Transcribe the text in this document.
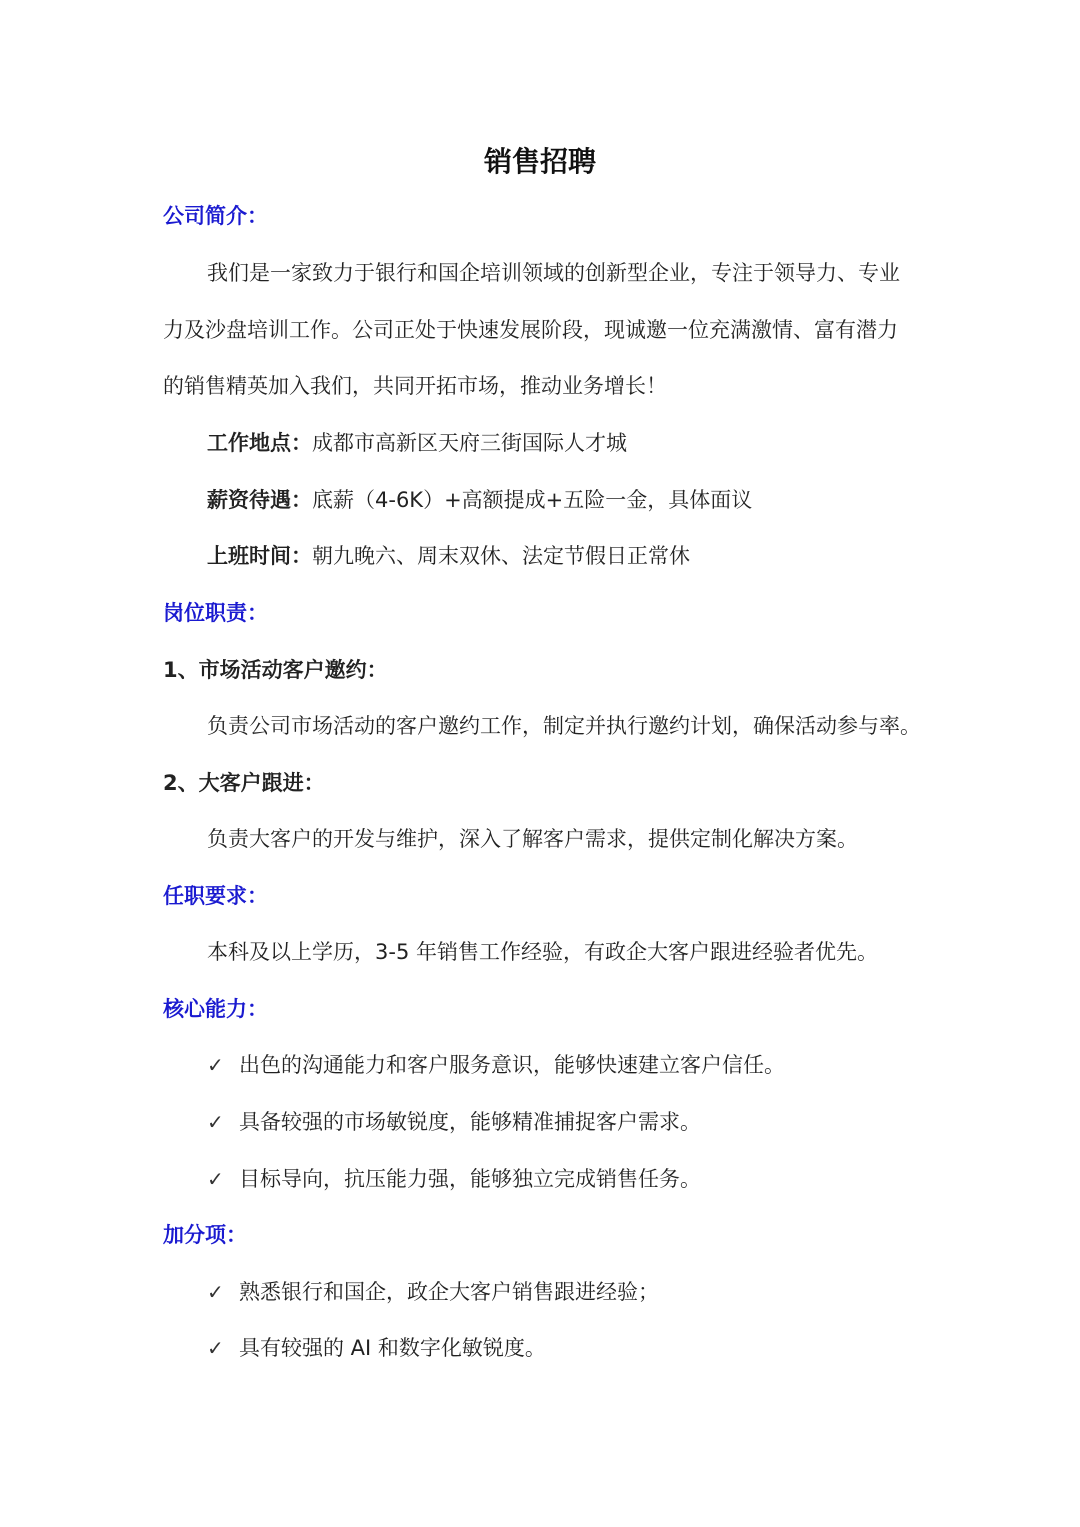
销售招聘
公司简介：
我们是一家致力于银行和国企培训领域的创新型企业，专注于领导力、专业
力及沙盘培训工作。公司正处于快速发展阶段，现诚邀一位充满激情、富有潜力
的销售精英加入我们，共同开拓市场，推动业务增长！
工作地点：成都市高新区天府三街国际人才城
薪资待遇：底薪（4-6K）+高额提成+五险一金，具体面议
上班时间：朝九晚六、周末双休、法定节假日正常休
岗位职责：
1、市场活动客户邀约：
负责公司市场活动的客户邀约工作，制定并执行邀约计划，确保活动参与率。
2、大客户跟进：
负责大客户的开发与维护，深入了解客户需求，提供定制化解决方案。
任职要求：
本科及以上学历，3-5 年销售工作经验，有政企大客户跟进经验者优先。
核心能力：
✓ 出色的沟通能力和客户服务意识，能够快速建立客户信任。
✓ 具备较强的市场敏锐度，能够精准捕捉客户需求。
✓ 目标导向，抗压能力强，能够独立完成销售任务。
加分项：
✓ 熟悉银行和国企，政企大客户销售跟进经验；
✓ 具有较强的 AI 和数字化敏锐度。
